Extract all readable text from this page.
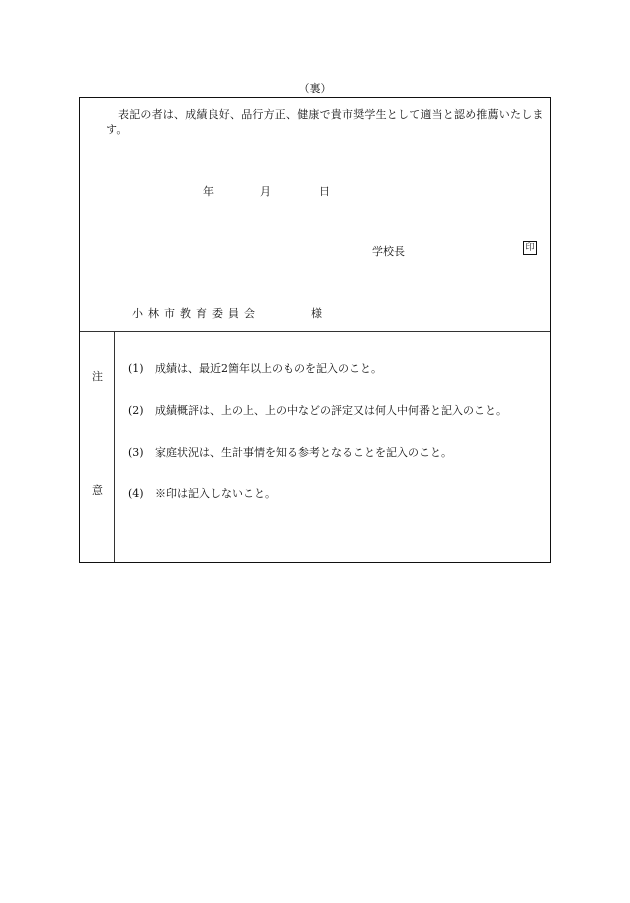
（裏）
表記の者は、成績良好、品行方正、健康で貴市奨学生として適当と認め推薦いたします。
年	月	日
学校長	印
小林市教育委員会	様
注
意
(1) 成績は、最近2箇年以上のものを記入のこと。
(2) 成績概評は、上の上、上の中などの評定又は何人中何番と記入のこと。
(3) 家庭状況は、生計事情を知る参考となることを記入のこと。
(4) ※印は記入しないこと。
